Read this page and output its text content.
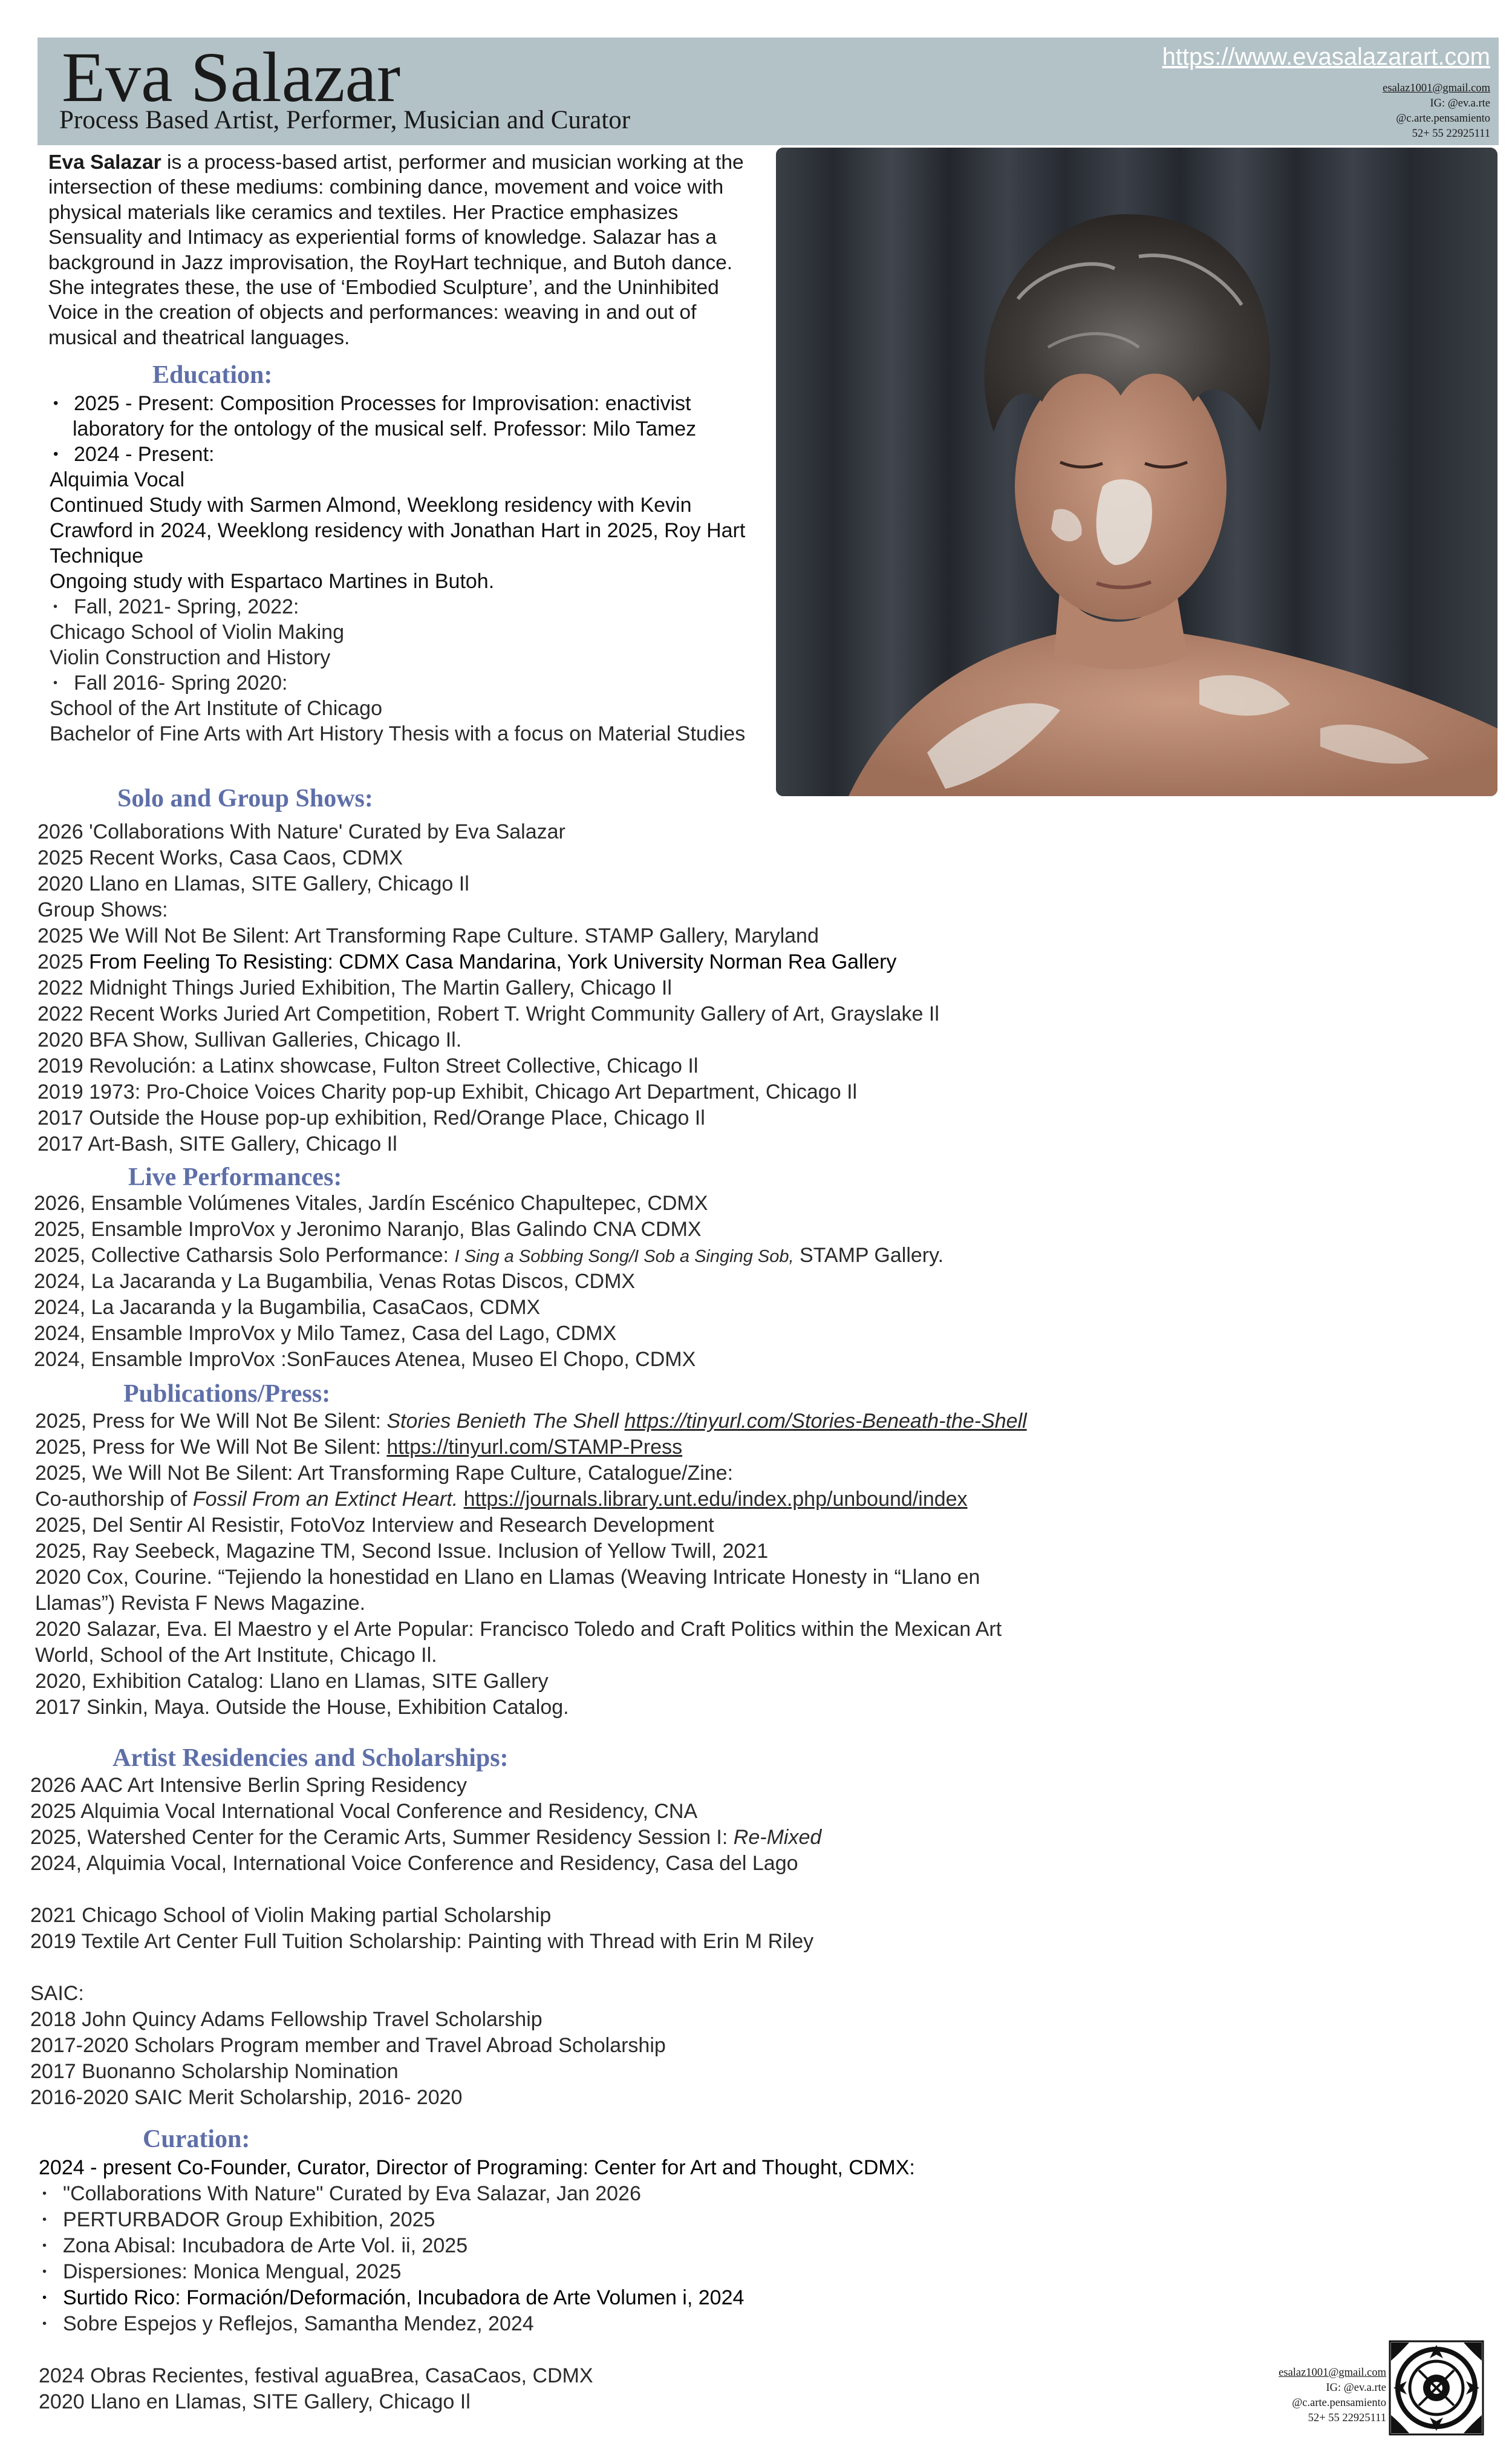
Eva Salazar
Process Based Artist, Performer, Musician and Curator
https://www.evasalazarart.com
esalaz1001@gmail.com
IG: @ev.a.rte
@c.arte.pensamiento
52+ 55 22925111
Eva Salazar is a process-based artist, performer and musician working at the intersection of these mediums: combining dance, movement and voice with physical materials like ceramics and textiles. Her Practice emphasizes Sensuality and Intimacy as experiential forms of knowledge. Salazar has a background in Jazz improvisation, the RoyHart technique, and Butoh dance. She integrates these, the use of ‘Embodied Sculpture’, and the Uninhibited Voice in the creation of objects and performances: weaving in and out of musical and theatrical languages.
Education:
• 2025 - Present: Composition Processes for Improvisation: enactivist
laboratory for the ontology of the musical self. Professor: Milo Tamez
• 2024 - Present:
Alquimia Vocal
Continued Study with Sarmen Almond, Weeklong residency with Kevin Crawford in 2024, Weeklong residency with Jonathan Hart in 2025, Roy Hart Technique
Ongoing study with Espartaco Martines in Butoh.
• Fall, 2021- Spring, 2022:
Chicago School of Violin Making
Violin Construction and History
• Fall 2016- Spring 2020:
School of the Art Institute of Chicago
Bachelor of Fine Arts with Art History Thesis with a focus on Material Studies
Solo and Group Shows:
2026 'Collaborations With Nature' Curated by Eva Salazar
2025 Recent Works, Casa Caos, CDMX
2020 Llano en Llamas, SITE Gallery, Chicago Il
Group Shows:
2025 We Will Not Be Silent: Art Transforming Rape Culture. STAMP Gallery, Maryland
2025 From Feeling To Resisting: CDMX Casa Mandarina, York University Norman Rea Gallery
2022 Midnight Things Juried Exhibition, The Martin Gallery, Chicago Il
2022 Recent Works Juried Art Competition, Robert T. Wright Community Gallery of Art, Grayslake Il
2020 BFA Show, Sullivan Galleries, Chicago Il.
2019 Revolución: a Latinx showcase, Fulton Street Collective, Chicago Il
2019 1973: Pro-Choice Voices Charity pop-up Exhibit, Chicago Art Department, Chicago Il
2017 Outside the House pop-up exhibition, Red/Orange Place, Chicago Il
2017 Art-Bash, SITE Gallery, Chicago Il
Live Performances:
2026, Ensamble Volúmenes Vitales, Jardín Escénico Chapultepec, CDMX
2025, Ensamble ImproVox y Jeronimo Naranjo, Blas Galindo CNA CDMX
2025, Collective Catharsis Solo Performance: I Sing a Sobbing Song/I Sob a Singing Sob, STAMP Gallery.
2024, La Jacaranda y La Bugambilia, Venas Rotas Discos, CDMX
2024, La Jacaranda y la Bugambilia, CasaCaos, CDMX
2024, Ensamble ImproVox y Milo Tamez, Casa del Lago, CDMX
2024, Ensamble ImproVox :SonFauces Atenea, Museo El Chopo, CDMX
Publications/Press:
2025, Press for We Will Not Be Silent: Stories Benieth The Shell https://tinyurl.com/Stories-Beneath-the-Shell
2025, Press for We Will Not Be Silent: https://tinyurl.com/STAMP-Press
2025, We Will Not Be Silent: Art Transforming Rape Culture, Catalogue/Zine:
Co-authorship of Fossil From an Extinct Heart. https://journals.library.unt.edu/index.php/unbound/index
2025, Del Sentir Al Resistir, FotoVoz Interview and Research Development
2025, Ray Seebeck, Magazine TM, Second Issue. Inclusion of Yellow Twill, 2021
2020 Cox, Courine. “Tejiendo la honestidad en Llano en Llamas (Weaving Intricate Honesty in “Llano en
Llamas”) Revista F News Magazine.
2020 Salazar, Eva. El Maestro y el Arte Popular: Francisco Toledo and Craft Politics within the Mexican Art
World, School of the Art Institute, Chicago Il.
2020, Exhibition Catalog: Llano en Llamas, SITE Gallery
2017 Sinkin, Maya. Outside the House, Exhibition Catalog.
Artist Residencies and Scholarships:
2026 AAC Art Intensive Berlin Spring Residency
2025 Alquimia Vocal International Vocal Conference and Residency, CNA
2025, Watershed Center for the Ceramic Arts, Summer Residency Session I: Re-Mixed
2024, Alquimia Vocal, International Voice Conference and Residency, Casa del Lago
2021 Chicago School of Violin Making partial Scholarship
2019 Textile Art Center Full Tuition Scholarship: Painting with Thread with Erin M Riley
SAIC:
2018 John Quincy Adams Fellowship Travel Scholarship
2017-2020 Scholars Program member and Travel Abroad Scholarship
2017 Buonanno Scholarship Nomination
2016-2020 SAIC Merit Scholarship, 2016- 2020
Curation:
2024 - present Co-Founder, Curator, Director of Programing: Center for Art and Thought, CDMX:
• "Collaborations With Nature" Curated by Eva Salazar, Jan 2026
• PERTURBADOR Group Exhibition, 2025
• Zona Abisal: Incubadora de Arte Vol. ii, 2025
• Dispersiones: Monica Mengual, 2025
• Surtido Rico: Formación/Deformación, Incubadora de Arte Volumen i, 2024
• Sobre Espejos y Reflejos, Samantha Mendez, 2024
2024 Obras Recientes, festival aguaBrea, CasaCaos, CDMX
2020 Llano en Llamas, SITE Gallery, Chicago Il
esalaz1001@gmail.com
IG: @ev.a.rte
@c.arte.pensamiento
52+ 55 22925111
